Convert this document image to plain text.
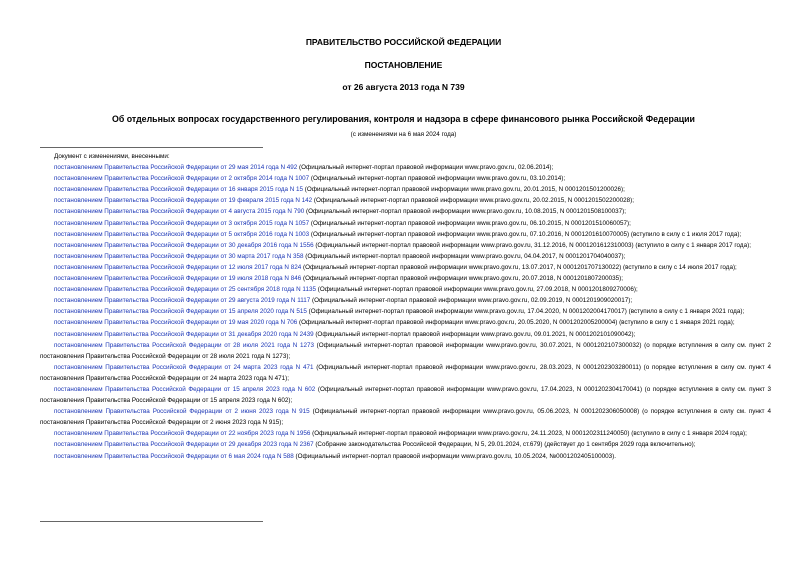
ПРАВИТЕЛЬСТВО РОССИЙСКОЙ ФЕДЕРАЦИИ
ПОСТАНОВЛЕНИЕ
от 26 августа 2013 года N 739
Об отдельных вопросах государственного регулирования, контроля и надзора в сфере финансового рынка Российской Федерации
(с изменениями на 6 мая 2024 года)
Документ с изменениями, внесенными:
постановлением Правительства Российской Федерации от 29 мая 2014 года N 492 (Официальный интернет-портал правовой информации www.pravo.gov.ru, 02.06.2014);
постановлением Правительства Российской Федерации от 2 октября 2014 года N 1007 (Официальный интернет-портал правовой информации www.pravo.gov.ru, 03.10.2014);
постановлением Правительства Российской Федерации от 16 января 2015 года N 15 (Официальный интернет-портал правовой информации www.pravo.gov.ru, 20.01.2015, N 0001201501200026);
постановлением Правительства Российской Федерации от 19 февраля 2015 года N 142 (Официальный интернет-портал правовой информации www.pravo.gov.ru, 20.02.2015, N 0001201502200028);
постановлением Правительства Российской Федерации от 4 августа 2015 года N 790 (Официальный интернет-портал правовой информации www.pravo.gov.ru, 10.08.2015, N 0001201508100037);
постановлением Правительства Российской Федерации от 3 октября 2015 года N 1057 (Официальный интернет-портал правовой информации www.pravo.gov.ru, 06.10.2015, N 0001201510060057);
постановлением Правительства Российской Федерации от 5 октября 2016 года N 1003 (Официальный интернет-портал правовой информации www.pravo.gov.ru, 07.10.2016, N 0001201610070005) (вступило в силу с 1 июля 2017 года);
постановлением Правительства Российской Федерации от 30 декабря 2016 года N 1556 (Официальный интернет-портал правовой информации www.pravo.gov.ru, 31.12.2016, N 0001201612310003) (вступило в силу с 1 января 2017 года);
постановлением Правительства Российской Федерации от 30 марта 2017 года N 358 (Официальный интернет-портал правовой информации www.pravo.gov.ru, 04.04.2017, N 0001201704040037);
постановлением Правительства Российской Федерации от 12 июля 2017 года N 824 (Официальный интернет-портал правовой информации www.pravo.gov.ru, 13.07.2017, N 0001201707130022) (вступило в силу с 14 июля 2017 года);
постановлением Правительства Российской Федерации от 19 июля 2018 года N 846 (Официальный интернет-портал правовой информации www.pravo.gov.ru, 20.07.2018, N 0001201807200035);
постановлением Правительства Российской Федерации от 25 сентября 2018 года N 1135 (Официальный интернет-портал правовой информации www.pravo.gov.ru, 27.09.2018, N 0001201809270006);
постановлением Правительства Российской Федерации от 29 августа 2019 года N 1117 (Официальный интернет-портал правовой информации www.pravo.gov.ru, 02.09.2019, N 0001201909020017);
постановлением Правительства Российской Федерации от 15 апреля 2020 года N 515 (Официальный интернет-портал правовой информации www.pravo.gov.ru, 17.04.2020, N 0001202004170017) (вступило в силу с 1 января 2021 года);
постановлением Правительства Российской Федерации от 19 мая 2020 года N 706 (Официальный интернет-портал правовой информации www.pravo.gov.ru, 20.05.2020, N 0001202005200004) (вступило в силу с 1 января 2021 года);
постановлением Правительства Российской Федерации от 31 декабря 2020 года N 2439 (Официальный интернет-портал правовой информации www.pravo.gov.ru, 09.01.2021, N 0001202101090042);
постановлением Правительства Российской Федерации от 28 июля 2021 года N 1273 (Официальный интернет-портал правовой информации www.pravo.gov.ru, 30.07.2021, N 0001202107300032) (о порядке вступления в силу см. пункт 2 постановления Правительства Российской Федерации от 28 июля 2021 года N 1273);
постановлением Правительства Российской Федерации от 24 марта 2023 года N 471 (Официальный интернет-портал правовой информации www.pravo.gov.ru, 28.03.2023, N 0001202303280011) (о порядке вступления в силу см. пункт 4 постановления Правительства Российской Федерации от 24 марта 2023 года N 471);
постановлением Правительства Российской Федерации от 15 апреля 2023 года N 602 (Официальный интернет-портал правовой информации www.pravo.gov.ru, 17.04.2023, N 0001202304170041) (о порядке вступления в силу см. пункт 3 постановления Правительства Российской Федерации от 15 апреля 2023 года N 602);
постановлением Правительства Российской Федерации от 2 июня 2023 года N 915 (Официальный интернет-портал правовой информации www.pravo.gov.ru, 05.06.2023, N 0001202306050008) (о порядке вступления в силу см. пункт 4 постановления Правительства Российской Федерации от 2 июня 2023 года N 915);
постановлением Правительства Российской Федерации от 22 ноября 2023 года N 1956 (Официальный интернет-портал правовой информации www.pravo.gov.ru, 24.11.2023, N 0001202311240050) (вступило в силу с 1 января 2024 года);
постановлением Правительства Российской Федерации от 29 декабря 2023 года N 2367 (Собрание законодательства Российской Федерации, N 5, 29.01.2024, ст.679) (действует до 1 сентября 2029 года включительно);
постановлением Правительства Российской Федерации от 6 мая 2024 года N 588 (Официальный интернет-портал правовой информации www.pravo.gov.ru, 10.05.2024, №0001202405100003).
